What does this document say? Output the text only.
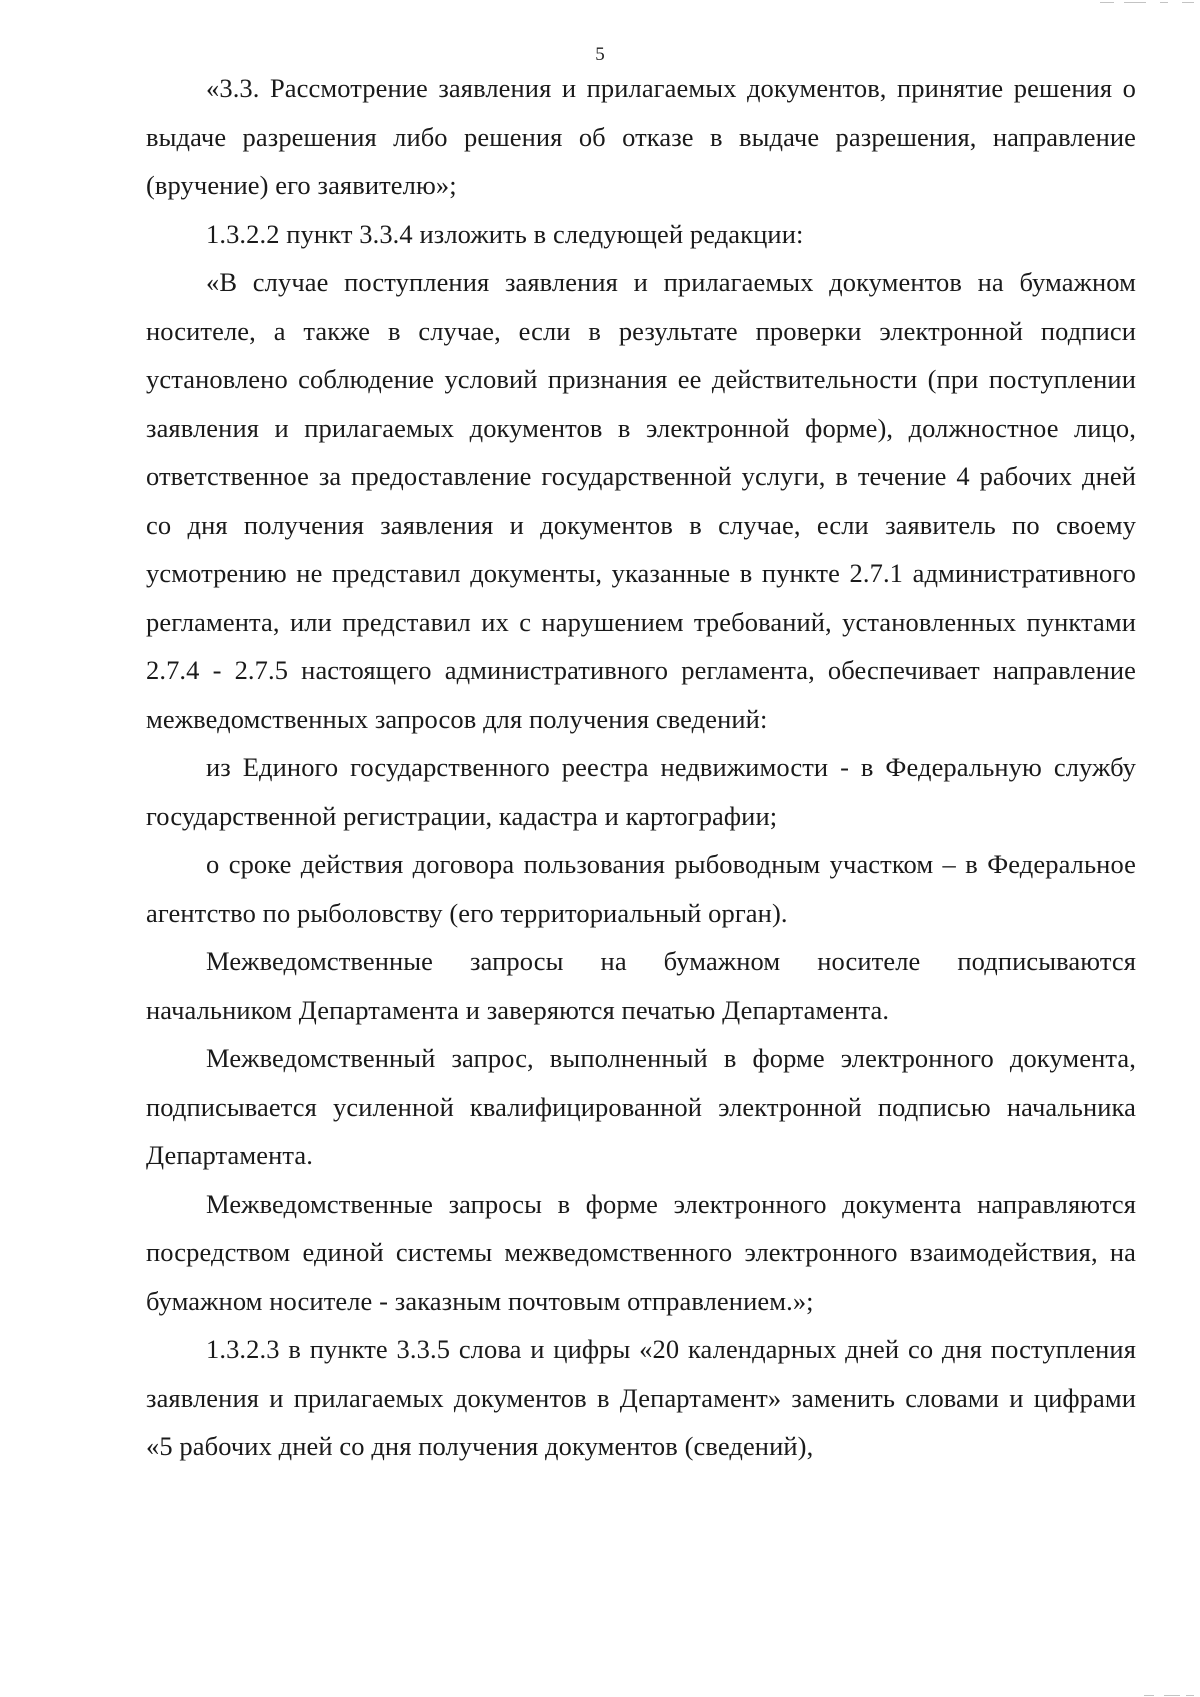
5

«3.3. Рассмотрение заявления и прилагаемых документов, принятие решения о выдаче разрешения либо решения об отказе в выдаче разрешения, направление (вручение) его заявителю»;

1.3.2.2 пункт 3.3.4 изложить в следующей редакции:

«В случае поступления заявления и прилагаемых документов на бумажном носителе, а также в случае, если в результате проверки электронной подписи установлено соблюдение условий признания ее действительности (при поступлении заявления и прилагаемых документов в электронной форме), должностное лицо, ответственное за предоставление государственной услуги, в течение 4 рабочих дней со дня получения заявления и документов в случае, если заявитель по своему усмотрению не представил документы, указанные в пункте 2.7.1 административного регламента, или представил их с нарушением требований, установленных пунктами 2.7.4 - 2.7.5 настоящего административного регламента, обеспечивает направление межведомственных запросов для получения сведений:

из Единого государственного реестра недвижимости - в Федеральную службу государственной регистрации, кадастра и картографии;

о сроке действия договора пользования рыбоводным участком – в Федеральное агентство по рыболовству (его территориальный орган).

Межведомственные запросы на бумажном носителе подписываются начальником Департамента и заверяются печатью Департамента.

Межведомственный запрос, выполненный в форме электронного документа, подписывается усиленной квалифицированной электронной подписью начальника Департамента.

Межведомственные запросы в форме электронного документа направляются посредством единой системы межведомственного электронного взаимодействия, на бумажном носителе - заказным почтовым отправлением.»;

1.3.2.3 в пункте 3.3.5 слова и цифры «20 календарных дней со дня поступления заявления и прилагаемых документов в Департамент» заменить словами и цифрами «5 рабочих дней со дня получения документов (сведений),
